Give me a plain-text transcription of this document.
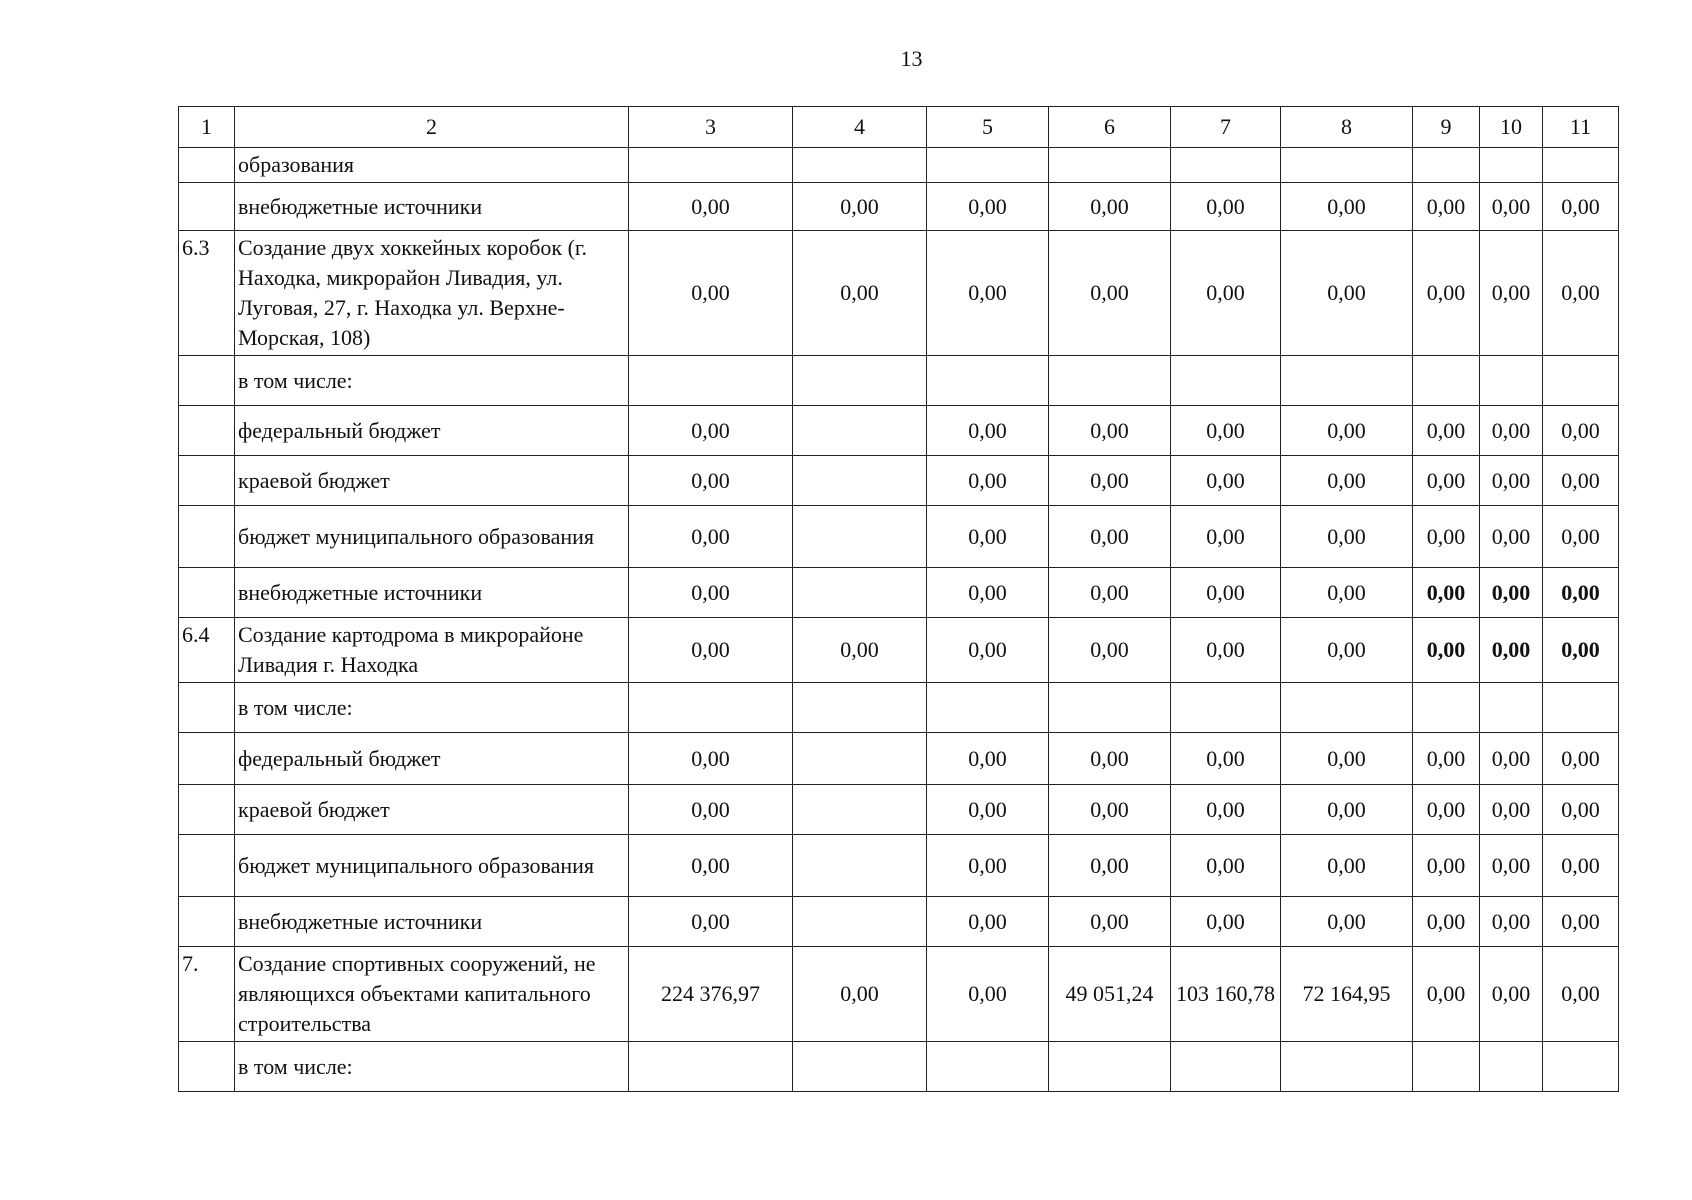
13
1	2	3	4	5	6	7	8	9	10	11
	образования									
	внебюджетные источники	0,00	0,00	0,00	0,00	0,00	0,00	0,00	0,00	0,00
6.3	Создание двух хоккейных коробок (г. Находка, микрорайон Ливадия, ул. Луговая, 27, г. Находка ул. Верхне-Морская, 108)	0,00	0,00	0,00	0,00	0,00	0,00	0,00	0,00	0,00
	в том числе:									
	федеральный бюджет	0,00		0,00	0,00	0,00	0,00	0,00	0,00	0,00
	краевой бюджет	0,00		0,00	0,00	0,00	0,00	0,00	0,00	0,00
	бюджет муниципального образования	0,00		0,00	0,00	0,00	0,00	0,00	0,00	0,00
	внебюджетные источники	0,00		0,00	0,00	0,00	0,00	0,00	0,00	0,00
6.4	Создание картодрома в микрорайоне Ливадия г. Находка	0,00	0,00	0,00	0,00	0,00	0,00	0,00	0,00	0,00
	в том числе:									
	федеральный бюджет	0,00		0,00	0,00	0,00	0,00	0,00	0,00	0,00
	краевой бюджет	0,00		0,00	0,00	0,00	0,00	0,00	0,00	0,00
	бюджет муниципального образования	0,00		0,00	0,00	0,00	0,00	0,00	0,00	0,00
	внебюджетные источники	0,00		0,00	0,00	0,00	0,00	0,00	0,00	0,00
7.	Создание спортивных сооружений, не являющихся объектами капитального строительства	224 376,97	0,00	0,00	49 051,24	103 160,78	72 164,95	0,00	0,00	0,00
	в том числе:									
